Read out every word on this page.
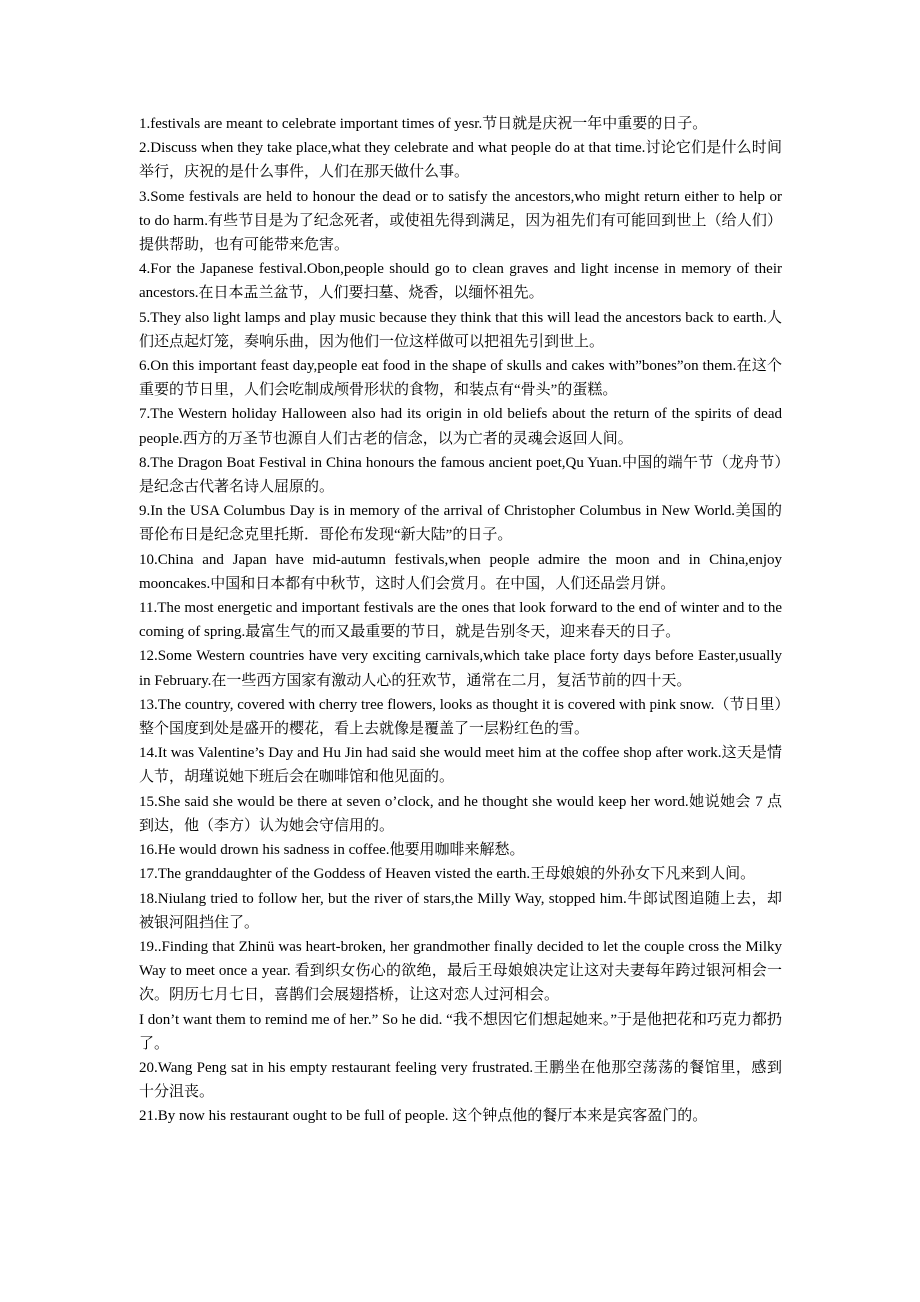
1.festivals are meant to celebrate important times of yesr.节日就是庆祝一年中重要的日子。

2.Discuss when they take place,what they celebrate and what people do at that time.讨论它们是什么时间举行，庆祝的是什么事件，人们在那天做什么事。

3.Some festivals are held to honour the dead or to satisfy the ancestors,who might return either to help or to do harm.有些节目是为了纪念死者，或使祖先得到满足，因为祖先们有可能回到世上（给人们）提供帮助，也有可能带来危害。

4.For the Japanese festival.Obon,people should go to clean graves and light incense in memory of their ancestors.在日本盂兰盆节，人们要扫墓、烧香，以缅怀祖先。

5.They also light lamps and play music because they think that this will lead the ancestors back to earth.人们还点起灯笼，奏响乐曲，因为他们一位这样做可以把祖先引到世上。

6.On this important feast day,people eat food in the shape of skulls and cakes with”bones”on them.在这个重要的节日里，人们会吃制成颅骨形状的食物，和装点有“骨头”的蛋糕。

7.The Western holiday Halloween also had its origin in old beliefs about the return of the spirits of dead people.西方的万圣节也源自人们古老的信念，以为亡者的灵魂会返回人间。

8.The Dragon Boat Festival in China honours the famous ancient poet,Qu Yuan.中国的端午节（龙舟节）是纪念古代著名诗人屈原的。

9.In the USA Columbus Day is in memory of the arrival of Christopher Columbus in New World.美国的哥伦布日是纪念克里托斯．哥伦布发现“新大陆”的日子。

10.China and Japan have mid-autumn festivals,when people admire the moon and in China,enjoy mooncakes.中国和日本都有中秋节，这时人们会赏月。在中国，人们还品尝月饼。

11.The most energetic and important festivals are the ones that look forward to the end of winter and to the coming of spring.最富生气的而又最重要的节日，就是告别冬天，迎来春天的日子。

12.Some Western countries have very exciting carnivals,which take place forty days before Easter,usually in February.在一些西方国家有激动人心的狂欢节，通常在二月，复活节前的四十天。

13.The country, covered with cherry tree flowers, looks as thought it is covered with pink snow.（节日里）整个国度到处是盛开的樱花，看上去就像是覆盖了一层粉红色的雪。

14.It was Valentine’s Day and Hu Jin had said she would meet him at the coffee shop after work.这天是情人节，胡瑾说她下班后会在咖啡馆和他见面的。

15.She said she would be there at seven o’clock, and he thought she would keep her word.她说她会 7 点到达，他（李方）认为她会守信用的。

16.He would drown his sadness in coffee.他要用咖啡来解愁。

17.The granddaughter of the Goddess of Heaven visted the earth.王母娘娘的外孙女下凡来到人间。

18.Niulang tried to follow her, but the river of stars,the Milly Way, stopped him.牛郎试图追随上去，却被银河阻挡住了。

19..Finding that Zhinü was heart-broken, her grandmother finally decided to let the couple cross the Milky Way to meet once a year. 看到织女伤心的欲绝，最后王母娘娘决定让这对夫妻每年跨过银河相会一次。阴历七月七日，喜鹊们会展翅搭桥，让这对恋人过河相会。

I don’t want them to remind me of her.” So he did. “我不想因它们想起她来。”于是他把花和巧克力都扔了。

20.Wang Peng sat in his empty restaurant feeling very frustrated.王鹏坐在他那空荡荡的餐馆里，感到十分沮丧。

21.By now his restaurant ought to be full of people. 这个钟点他的餐厅本来是宾客盈门的。
